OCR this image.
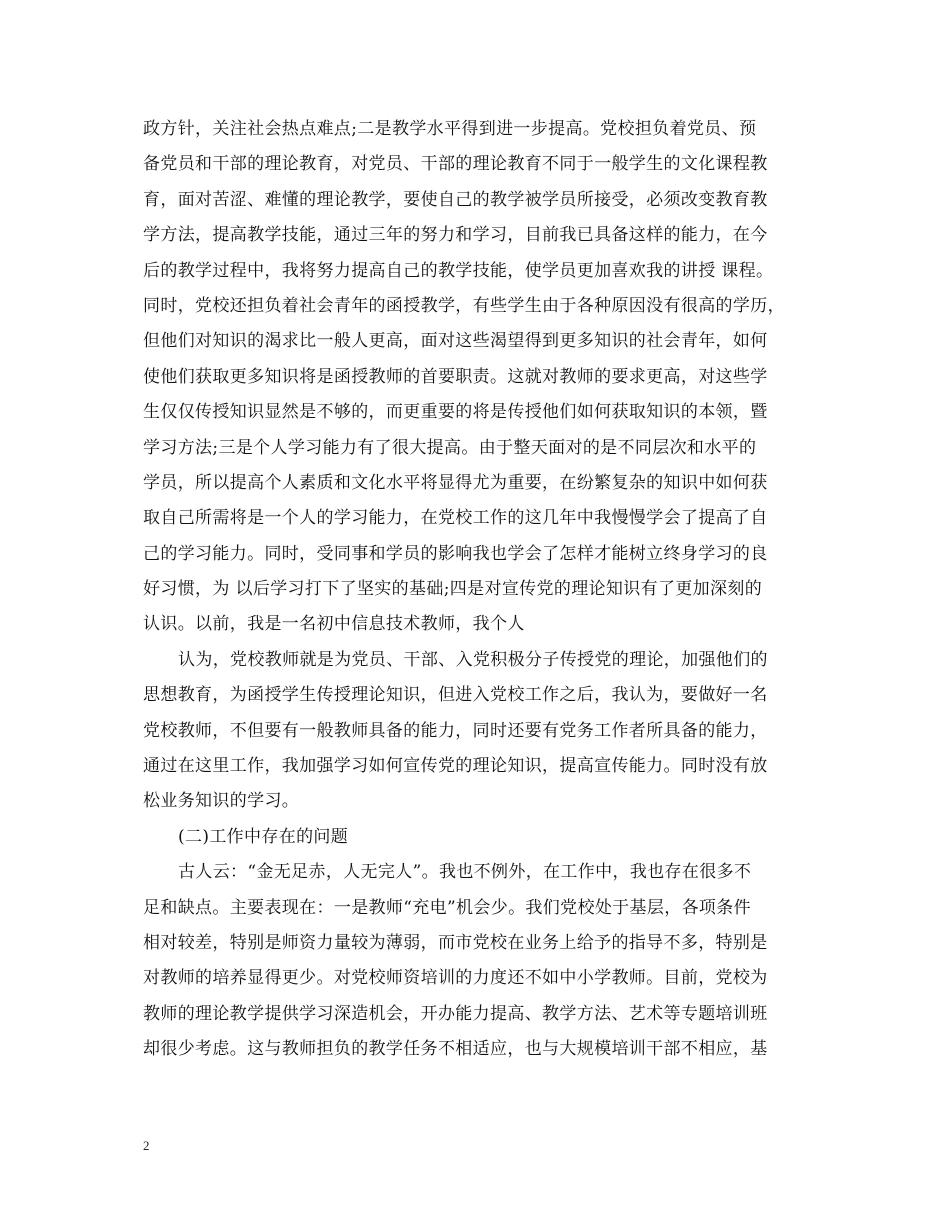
政方针，关注社会热点难点;二是教学水平得到进一步提高。党校担负着党员、预
备党员和干部的理论教育，对党员、干部的理论教育不同于一般学生的文化课程教
育，面对苦涩、难懂的理论教学，要使自己的教学被学员所接受，必须改变教育教
学方法，提高教学技能，通过三年的努力和学习，目前我已具备这样的能力，在今
后的教学过程中，我将努力提高自己的教学技能，使学员更加喜欢我的讲授 课程。
同时，党校还担负着社会青年的函授教学，有些学生由于各种原因没有很高的学历，
但他们对知识的渴求比一般人更高，面对这些渴望得到更多知识的社会青年，如何
使他们获取更多知识将是函授教师的首要职责。这就对教师的要求更高，对这些学
生仅仅传授知识显然是不够的，而更重要的将是传授他们如何获取知识的本领，暨
学习方法;三是个人学习能力有了很大提高。由于整天面对的是不同层次和水平的
学员，所以提高个人素质和文化水平将显得尤为重要，在纷繁复杂的知识中如何获
取自己所需将是一个人的学习能力，在党校工作的这几年中我慢慢学会了提高了自
己的学习能力。同时，受同事和学员的影响我也学会了怎样才能树立终身学习的良
好习惯，为 以后学习打下了坚实的基础;四是对宣传党的理论知识有了更加深刻的
认识。以前，我是一名初中信息技术教师，我个人
认为，党校教师就是为党员、干部、入党积极分子传授党的理论，加强他们的
思想教育，为函授学生传授理论知识，但进入党校工作之后，我认为，要做好一名
党校教师，不但要有一般教师具备的能力，同时还要有党务工作者所具备的能力，
通过在这里工作，我加强学习如何宣传党的理论知识，提高宣传能力。同时没有放
松业务知识的学习。
(二)工作中存在的问题
古人云：“金无足赤，人无完人”。我也不例外，在工作中，我也存在很多不
足和缺点。主要表现在：一是教师“充电”机会少。我们党校处于基层，各项条件
相对较差，特别是师资力量较为薄弱，而市党校在业务上给予的指导不多，特别是
对教师的培养显得更少。对党校师资培训的力度还不如中小学教师。目前，党校为
教师的理论教学提供学习深造机会，开办能力提高、教学方法、艺术等专题培训班
却很少考虑。这与教师担负的教学任务不相适应，也与大规模培训干部不相应，基
2
